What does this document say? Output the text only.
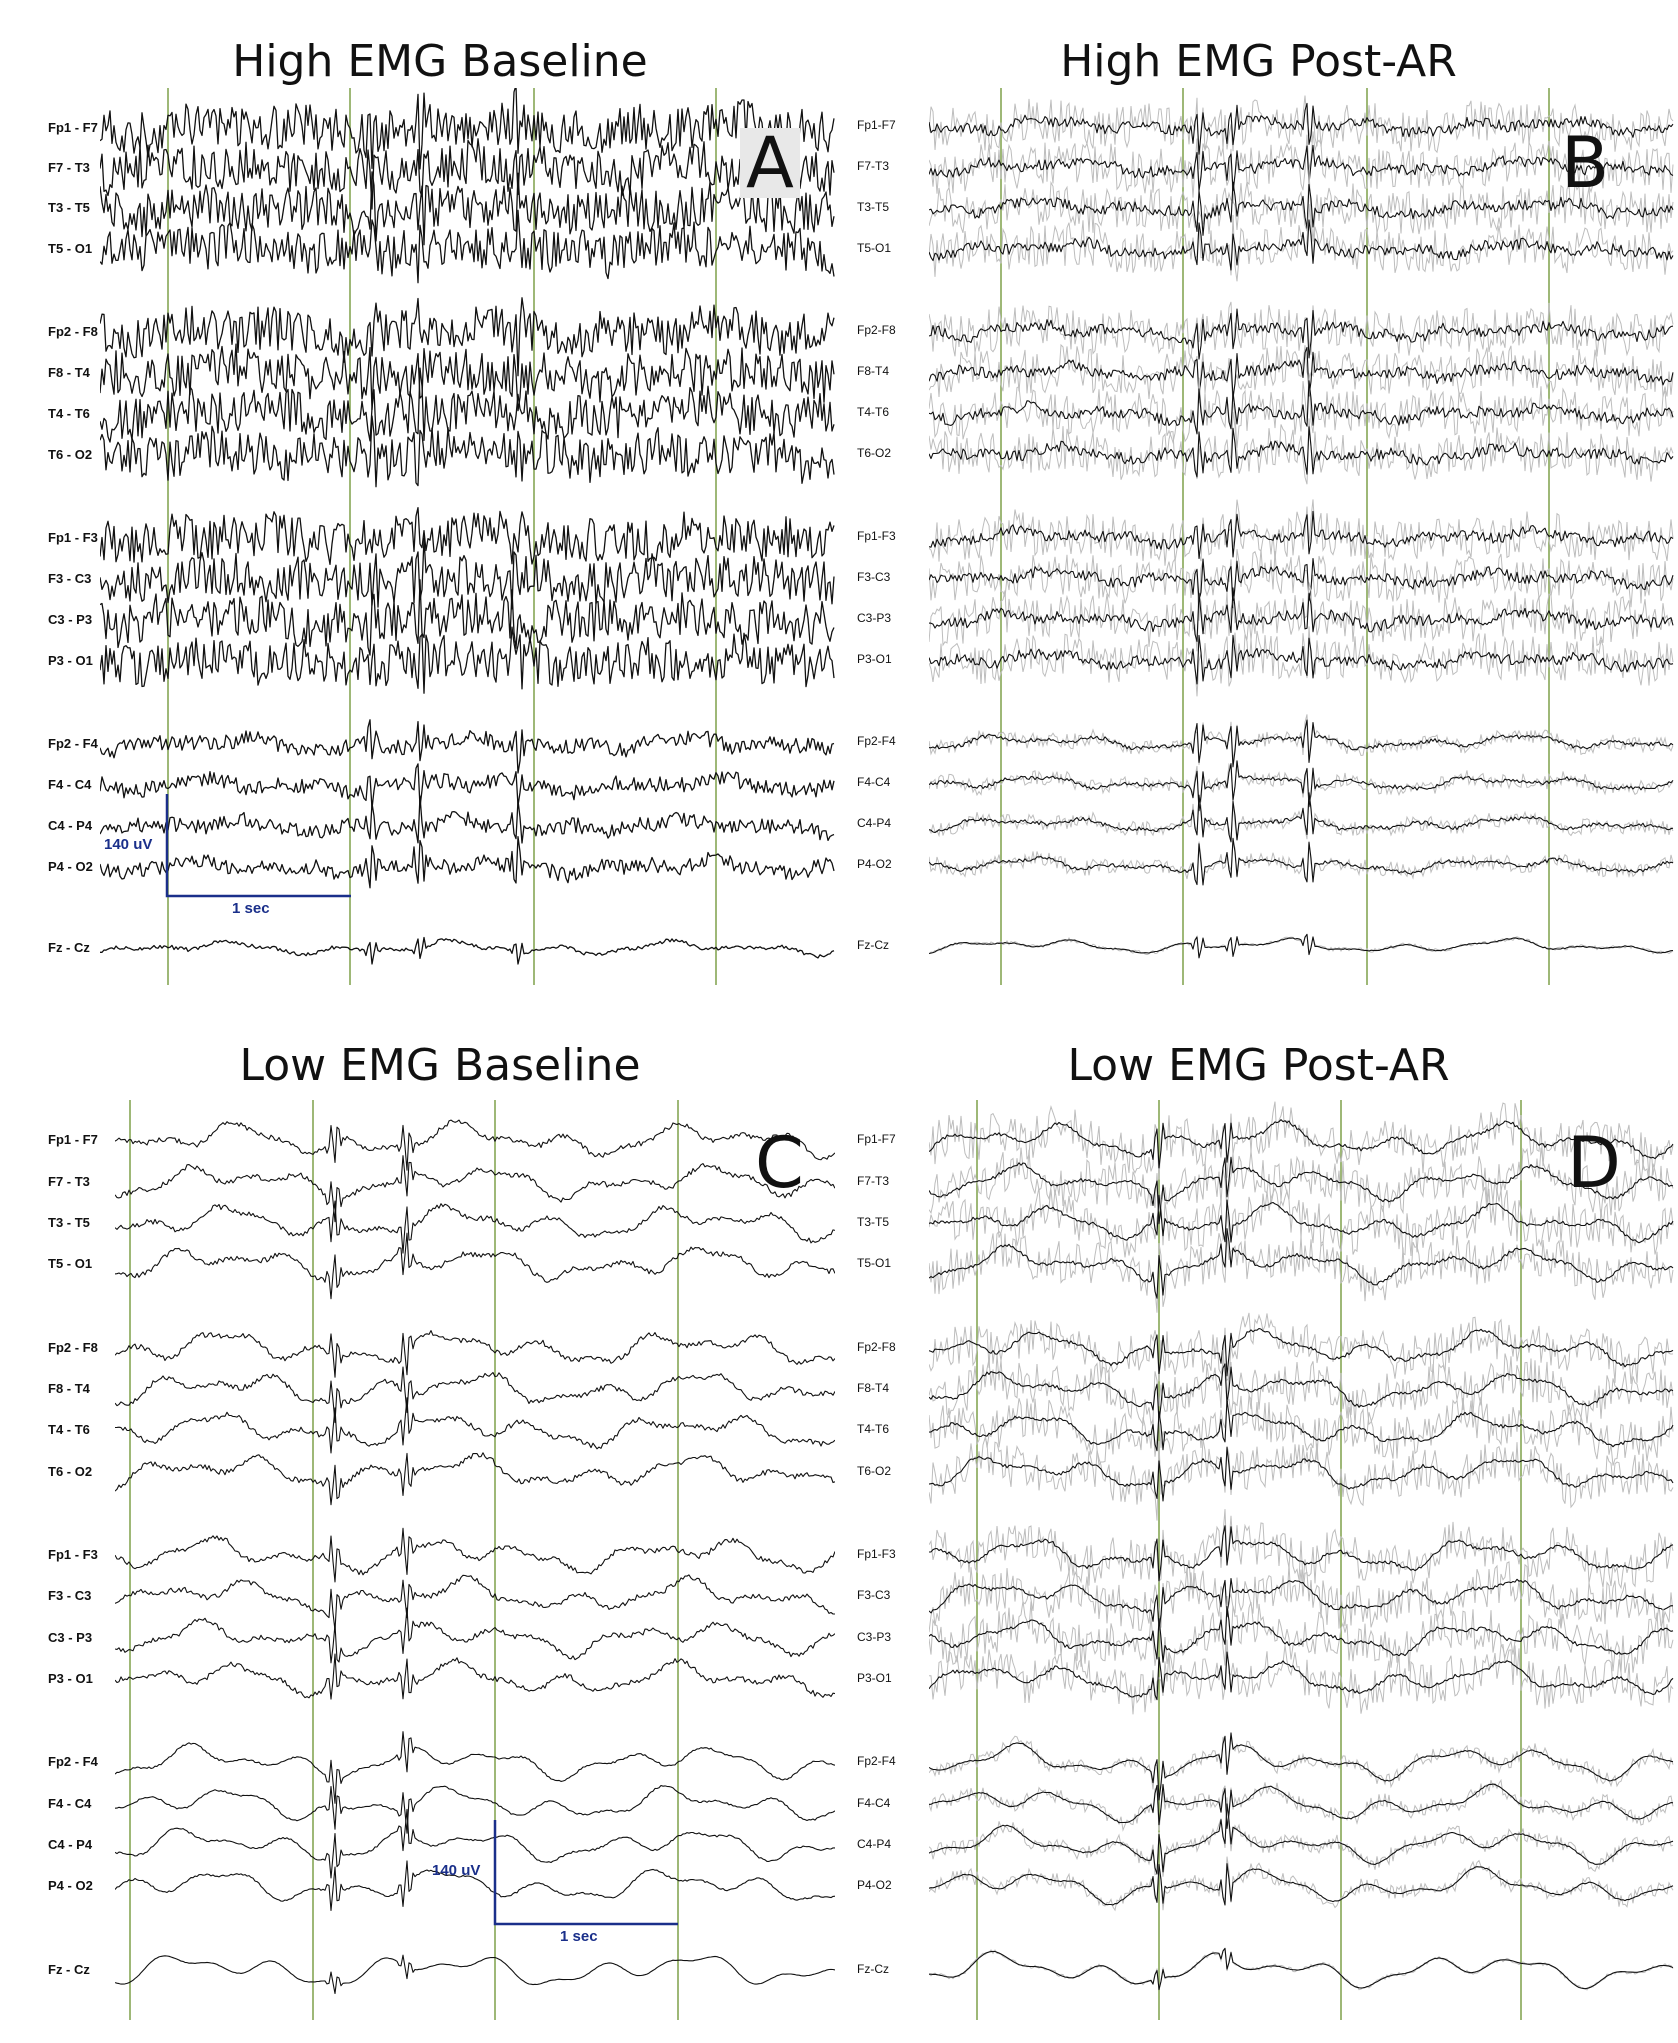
High EMG Baseline
Fp1 - F7
F7 - T3
T3 - T5
T5 - O1
Fp2 - F8
F8 - T4
T4 - T6
T6 - O2
Fp1 - F3
F3 - C3
C3 - P3
P3 - O1
Fp2 - F4
F4 - C4
C4 - P4
P4 - O2
Fz - Cz
A
140 uV
1 sec
High EMG Post-AR
Fp1-F7
F7-T3
T3-T5
T5-O1
Fp2-F8
F8-T4
T4-T6
T6-O2
Fp1-F3
F3-C3
C3-P3
P3-O1
Fp2-F4
F4-C4
C4-P4
P4-O2
Fz-Cz
B
Low EMG Baseline
Fp1 - F7
F7 - T3
T3 - T5
T5 - O1
Fp2 - F8
F8 - T4
T4 - T6
T6 - O2
Fp1 - F3
F3 - C3
C3 - P3
P3 - O1
Fp2 - F4
F4 - C4
C4 - P4
P4 - O2
Fz - Cz
C
140 uV
1 sec
Low EMG Post-AR
Fp1-F7
F7-T3
T3-T5
T5-O1
Fp2-F8
F8-T4
T4-T6
T6-O2
Fp1-F3
F3-C3
C3-P3
P3-O1
Fp2-F4
F4-C4
C4-P4
P4-O2
Fz-Cz
D
